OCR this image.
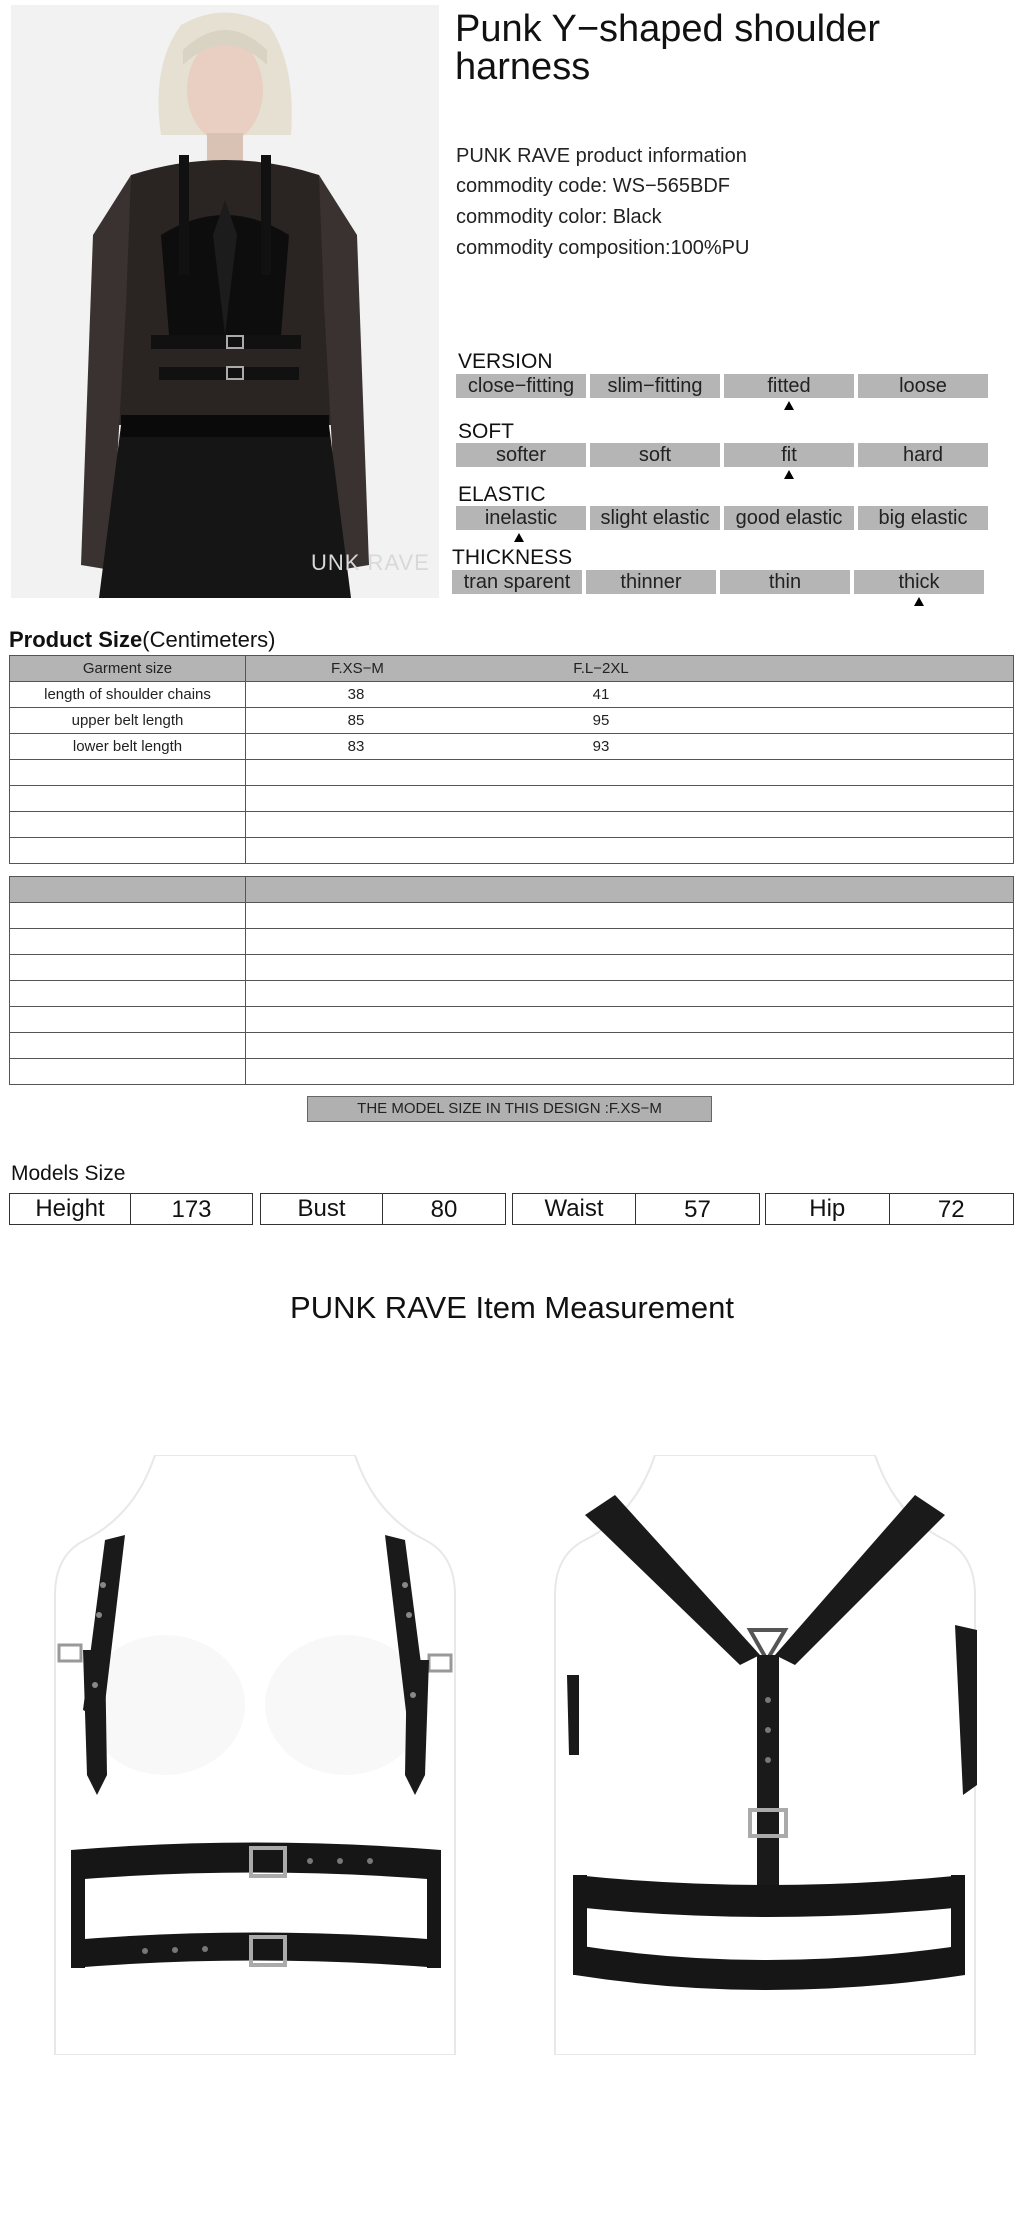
UNK RAVE
Punk Y−shaped shoulder harness
PUNK RAVE product information
commodity code: WS−565BDF
commodity color: Black
commodity composition:100%PU
VERSION
close−fitting	slim−fitting	fitted	loose
SOFT
softer	soft	fit	hard
ELASTIC
inelastic	slight elastic	good elastic	big elastic
THICKNESS
tran sparent	thinner	thin	thick
Product Size(Centimeters)
Garment size	F.XS−M F.L−2XL

length of shoulder chains	38 41

upper belt length	85 95

lower belt length	83 93

THE MODEL SIZE IN THIS DESIGN :F.XS−M
Models Size
Height	173	Bust	80	Waist	57	Hip	72
PUNK RAVE Item Measurement
